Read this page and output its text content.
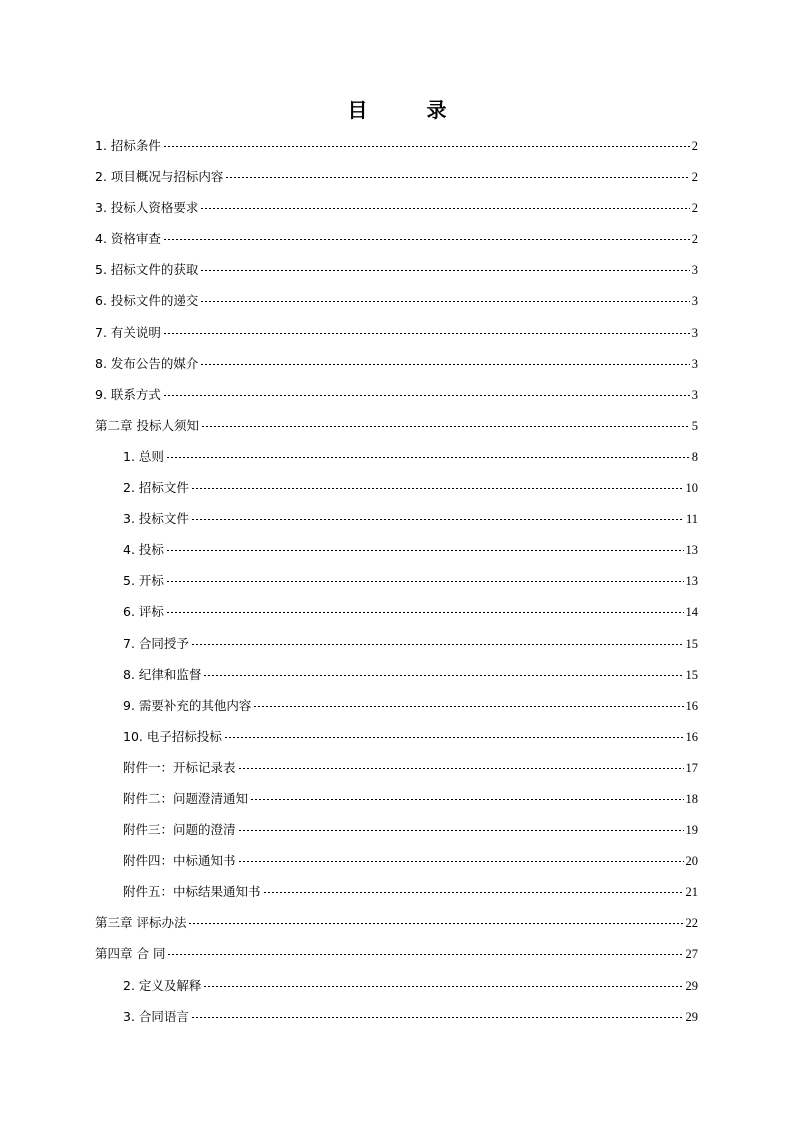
目 录
1. 招标条件	2
2. 项目概况与招标内容	2
3. 投标人资格要求	2
4. 资格审查	2
5. 招标文件的获取	3
6. 投标文件的递交	3
7. 有关说明	3
8. 发布公告的媒介	3
9. 联系方式	3
第二章 投标人须知	5
1. 总则	8
2. 招标文件	10
3. 投标文件	11
4. 投标	13
5. 开标	13
6. 评标	14
7. 合同授予	15
8. 纪律和监督	15
9. 需要补充的其他内容	16
10. 电子招标投标	16
附件一：开标记录表	17
附件二：问题澄清通知	18
附件三：问题的澄清	19
附件四：中标通知书	20
附件五：中标结果通知书	21
第三章 评标办法	22
第四章 合 同	27
2. 定义及解释	29
3. 合同语言	29
